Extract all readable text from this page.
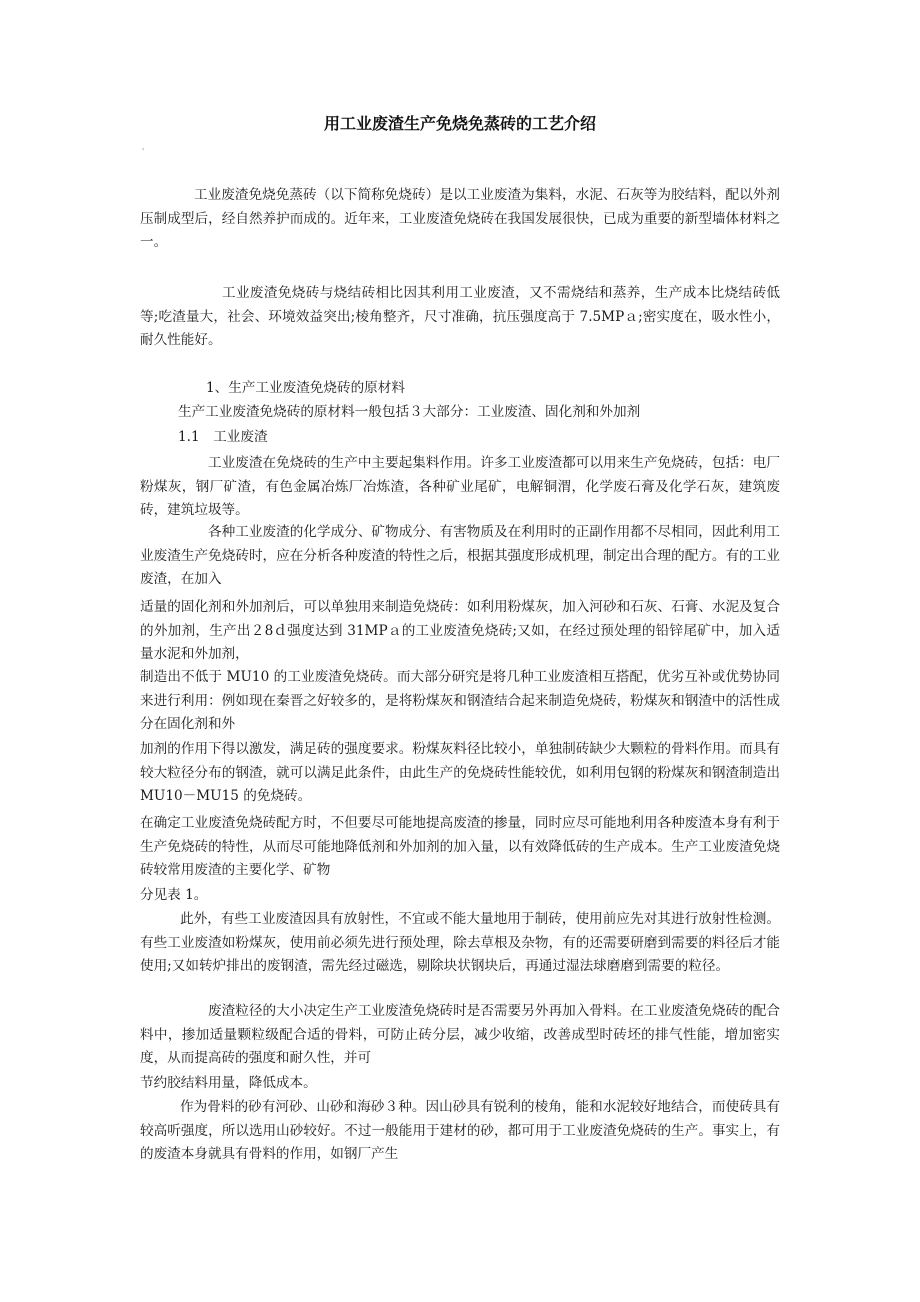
用工业废渣生产免烧免蒸砖的工艺介绍
'
工业废渣免烧免蒸砖（以下简称免烧砖）是以工业废渣为集料，水泥、石灰等为胶结料，配以外剂压制成型后，经自然养护而成的。近年来，工业废渣免烧砖在我国发展很快，已成为重要的新型墙体材料之一。
工业废渣免烧砖与烧结砖相比因其利用工业废渣，又不需烧结和蒸养，生产成本比烧结砖低等;吃渣量大，社会、环境效益突出;棱角整齐，尺寸准确，抗压强度高于 7.5MPａ;密实度在，吸水性小，耐久性能好。
1、生产工业废渣免烧砖的原材料
生产工业废渣免烧砖的原材料一般包括３大部分：工业废渣、固化剂和外加剂
1.1　工业废渣
工业废渣在免烧砖的生产中主要起集料作用。许多工业废渣都可以用来生产免烧砖，包括：电厂粉煤灰，钢厂矿渣，有色金属冶炼厂冶炼渣，各种矿业尾矿，电解铜渭，化学废石膏及化学石灰，建筑废砖，建筑垃圾等。
各种工业废渣的化学成分、矿物成分、有害物质及在利用时的正副作用都不尽相同，因此利用工业废渣生产免烧砖时，应在分析各种废渣的特性之后，根据其强度形成机理，制定出合理的配方。有的工业废渣，在加入
适量的固化剂和外加剂后，可以单独用来制造免烧砖：如利用粉煤灰，加入河砂和石灰、石膏、水泥及复合的外加剂，生产出２8ｄ强度达到 31MPａ的工业废渣免烧砖;又如，在经过预处理的铅锌尾矿中，加入适量水泥和外加剂，
制造出不低于 MU10 的工业废渣免烧砖。而大部分研究是将几种工业废渣相互搭配，优劣互补或优势协同来进行利用：例如现在秦晋之好较多的，是将粉煤灰和钢渣结合起来制造免烧砖，粉煤灰和钢渣中的活性成分在固化剂和外
加剂的作用下得以激发，满足砖的强度要求。粉煤灰料径比较小，单独制砖缺少大颗粒的骨料作用。而具有较大粒径分布的钢渣，就可以满足此条件，由此生产的免烧砖性能较优，如利用包钢的粉煤灰和钢渣制造出 MU10－MU15 的免烧砖。
在确定工业废渣免烧砖配方时，不但要尽可能地提高废渣的掺量，同时应尽可能地利用各种废渣本身有利于生产免烧砖的特性，从而尽可能地降低剂和外加剂的加入量，以有效降低砖的生产成本。生产工业废渣免烧砖较常用废渣的主要化学、矿物
分见表 1。
此外，有些工业废渣因具有放射性，不宜或不能大量地用于制砖，使用前应先对其进行放射性检测。有些工业废渣如粉煤灰，使用前必须先进行预处理，除去草根及杂物，有的还需要研磨到需要的料径后才能使用;又如转炉排出的废钢渣，需先经过磁选，剔除块状钢块后，再通过湿法球磨磨到需要的粒径。
废渣粒径的大小决定生产工业废渣免烧砖时是否需要另外再加入骨料。在工业废渣免烧砖的配合料中，掺加适量颗粒级配合适的骨料，可防止砖分层，减少收缩，改善成型时砖坯的排气性能，增加密实度，从而提高砖的强度和耐久性，并可
节约胶结料用量，降低成本。
作为骨料的砂有河砂、山砂和海砂３种。因山砂具有锐利的棱角，能和水泥较好地结合，而使砖具有较高听强度，所以选用山砂较好。不过一般能用于建材的砂，都可用于工业废渣免烧砖的生产。事实上，有的废渣本身就具有骨料的作用，如钢厂产生
